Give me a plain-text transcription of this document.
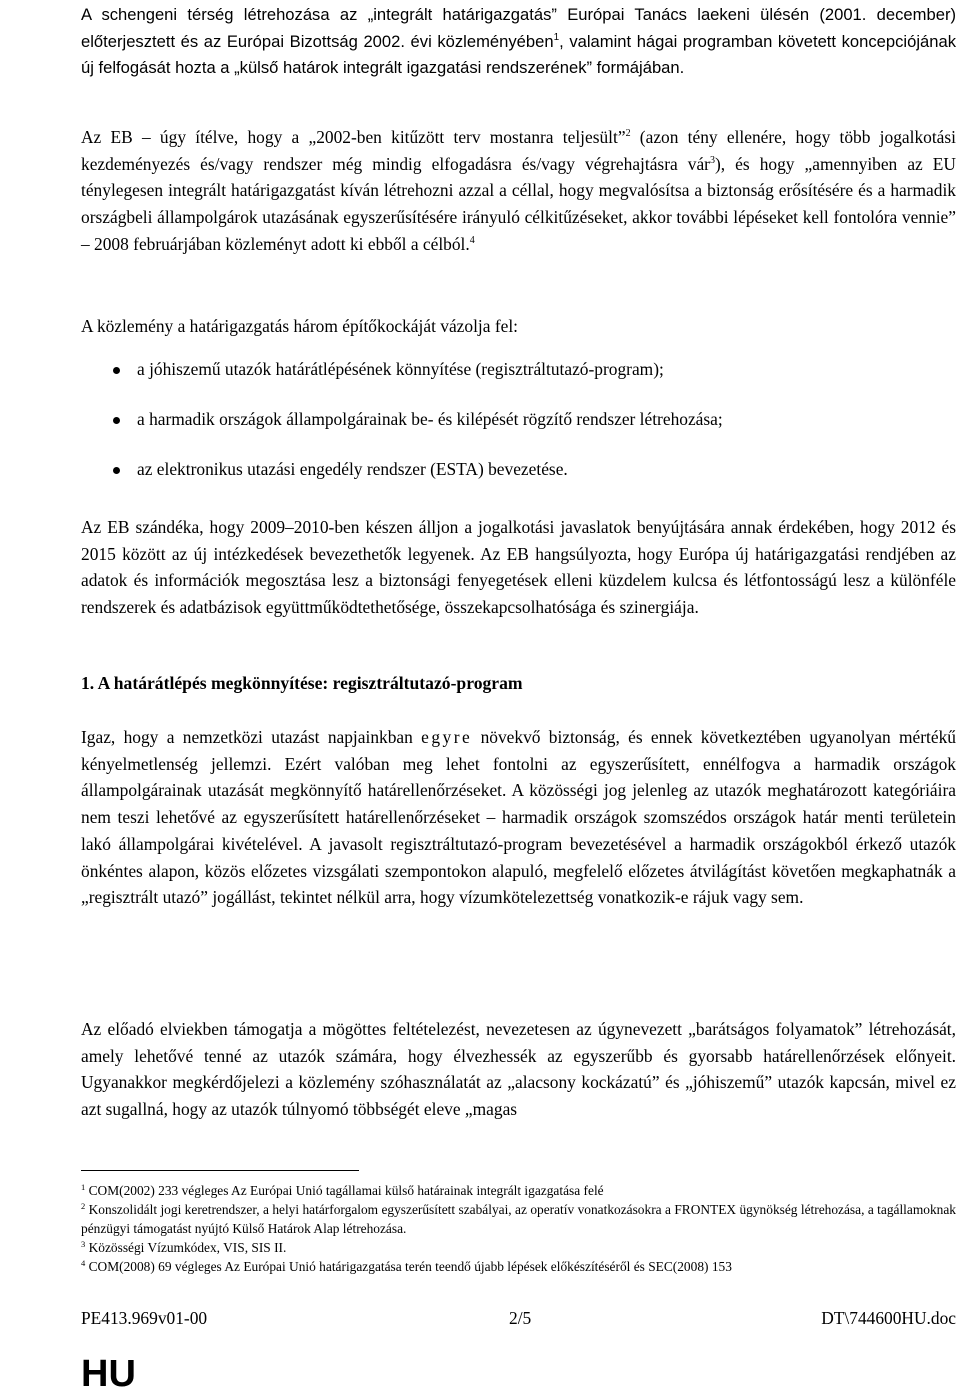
A schengeni térség létrehozása az „integrált határigazgatás” Európai Tanács laekeni ülésén (2001. december) előterjesztett és az Európai Bizottság 2002. évi közleményében$^1$, valamint hágai programban követett koncepciójának új felfogását hozta a „külső határok integrált igazgatási rendszerének” formájában.

Az EB – úgy ítélve, hogy a „2002-ben kitűzött terv mostanra teljesült”$^2$ (azon tény ellenére, hogy több jogalkotási kezdeményezés és/vagy rendszer még mindig elfogadásra és/vagy végrehajtásra vár$^3$), és hogy „amennyiben az EU ténylegesen integrált határigazgatást kíván létrehozni azzal a céllal, hogy megvalósítsa a biztonság erősítésére és a harmadik országbeli állampolgárok utazásának egyszerűsítésére irányuló célkitűzéseket, akkor további lépéseket kell fontolóra vennie” – 2008 februárjában közleményt adott ki ebből a célból.$^4$

A közlemény a határigazgatás három építőkockáját vázolja fel:

a jóhiszemű utazók határátlépésének könnyítése (regisztráltutazó-program);
a harmadik országok állampolgárainak be- és kilépését rögzítő rendszer létrehozása;
az elektronikus utazási engedély rendszer (ESTA) bevezetése.

Az EB szándéka, hogy 2009–2010-ben készen álljon a jogalkotási javaslatok benyújtására annak érdekében, hogy 2012 és 2015 között az új intézkedések bevezethetők legyenek. Az EB hangsúlyozta, hogy Európa új határigazgatási rendjében az adatok és információk megosztása lesz a biztonsági fenyegetések elleni küzdelem kulcsa és létfontosságú lesz a különféle rendszerek és adatbázisok együttműködtethetősége, összekapcsolhatósága és szinergiája.

1. A határátlépés megkönnyítése: regisztráltutazó-program

Igaz, hogy a nemzetközi utazást napjainkban egyre növekvő biztonság, és ennek következtében ugyanolyan mértékű kényelmetlenség jellemzi. Ezért valóban meg lehet fontolni az egyszerűsített, ennélfogva a harmadik országok állampolgárainak utazását megkönnyítő határellenőrzéseket. A közösségi jog jelenleg az utazók meghatározott kategóriáira nem teszi lehetővé az egyszerűsített határellenőrzéseket – harmadik országok szomszédos országok határ menti területein lakó állampolgárai kivételével. A javasolt regisztráltutazó-program bevezetésével a harmadik országokból érkező utazók önkéntes alapon, közös előzetes vizsgálati szempontokon alapuló, megfelelő előzetes átvilágítást követően megkaphatnák a „regisztrált utazó” jogállást, tekintet nélkül arra, hogy vízumkötelezettség vonatkozik-e rájuk vagy sem.

Az előadó elviekben támogatja a mögöttes feltételezést, nevezetesen az úgynevezett „barátságos folyamatok” létrehozását, amely lehetővé tenné az utazók számára, hogy élvezhessék az egyszerűbb és gyorsabb határellenőrzések előnyeit. Ugyanakkor megkérdőjelezi a közlemény szóhasználatát az „alacsony kockázatú” és „jóhiszemű” utazók kapcsán, mivel ez azt sugallná, hogy az utazók túlnyomó többségét eleve „magas

$^1$ COM(2002) 233 végleges Az Európai Unió tagállamai külső határainak integrált igazgatása felé
$^2$ Konszolidált jogi keretrendszer, a helyi határforgalom egyszerűsített szabályai, az operatív vonatkozásokra a FRONTEX ügynökség létrehozása, a tagállamoknak pénzügyi támogatást nyújtó Külső Határok Alap létrehozása.
$^3$ Közösségi Vízumkódex, VIS, SIS II.
$^4$ COM(2008) 69 végleges Az Európai Unió határigazgatása terén teendő újabb lépések előkészítéséről és SEC(2008) 153
PE413.969v01-00	2/5	DT\744600HU.doc
HU
